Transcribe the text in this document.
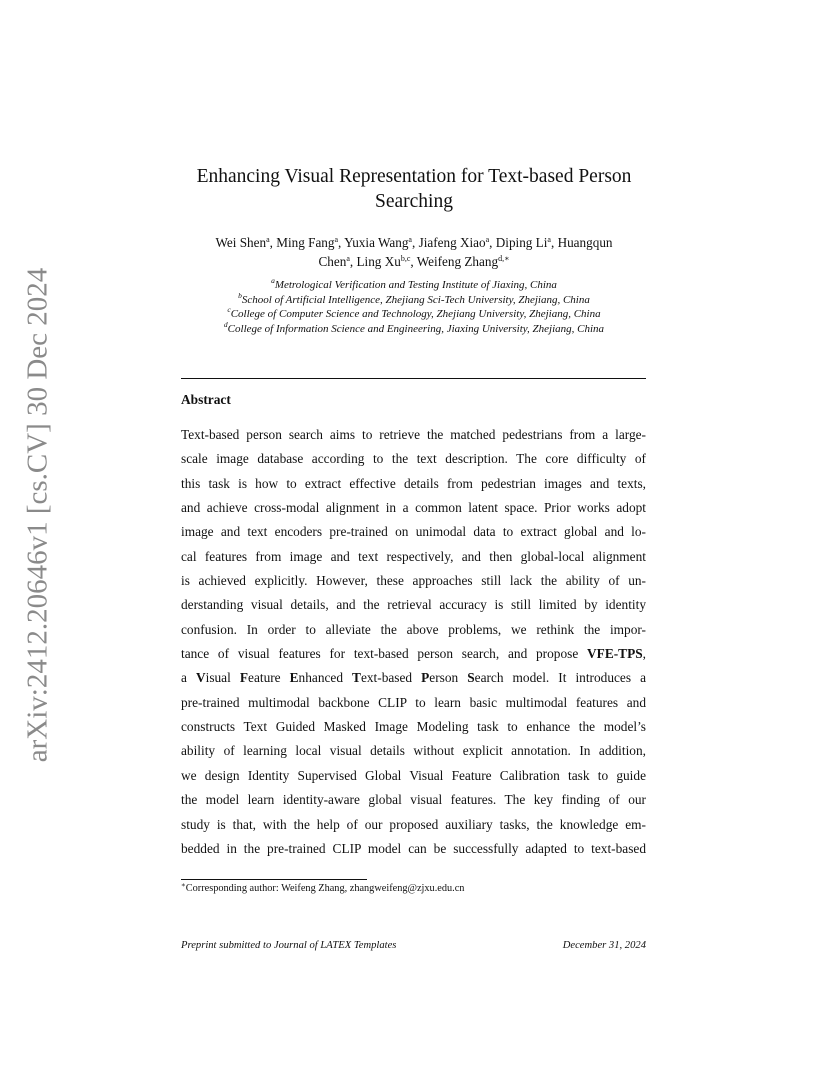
arXiv:2412.20646v1 [cs.CV] 30 Dec 2024
Enhancing Visual Representation for Text-based Person
Searching
Wei Shen$^a$, Ming Fang$^a$, Yuxia Wang$^a$, Jiafeng Xiao$^a$, Diping Li$^a$, Huangqun
Chen$^a$, Ling Xu$^{b,c}$, Weifeng Zhang$^{d,∗}$
$^a$Metrological Verification and Testing Institute of Jiaxing, China
$^b$School of Artificial Intelligence, Zhejiang Sci-Tech University, Zhejiang, China
$^c$College of Computer Science and Technology, Zhejiang University, Zhejiang, China
$^d$College of Information Science and Engineering, Jiaxing University, Zhejiang, China
Abstract
Text-based person search aims to retrieve the matched pedestrians from a large-
scale image database according to the text description. The core difficulty of
this task is how to extract effective details from pedestrian images and texts,
and achieve cross-modal alignment in a common latent space. Prior works adopt
image and text encoders pre-trained on unimodal data to extract global and lo-
cal features from image and text respectively, and then global-local alignment
is achieved explicitly. However, these approaches still lack the ability of un-
derstanding visual details, and the retrieval accuracy is still limited by identity
confusion. In order to alleviate the above problems, we rethink the impor-
tance of visual features for text-based person search, and propose VFE-TPS,
a Visual Feature Enhanced Text-based Person Search model. It introduces a
pre-trained multimodal backbone CLIP to learn basic multimodal features and
constructs Text Guided Masked Image Modeling task to enhance the model’s
ability of learning local visual details without explicit annotation. In addition,
we design Identity Supervised Global Visual Feature Calibration task to guide
the model learn identity-aware global visual features. The key finding of our
study is that, with the help of our proposed auxiliary tasks, the knowledge em-
bedded in the pre-trained CLIP model can be successfully adapted to text-based
∗Corresponding author: Weifeng Zhang, zhangweifeng@zjxu.edu.cn
Preprint submitted to Journal of LATEX Templates	December 31, 2024
